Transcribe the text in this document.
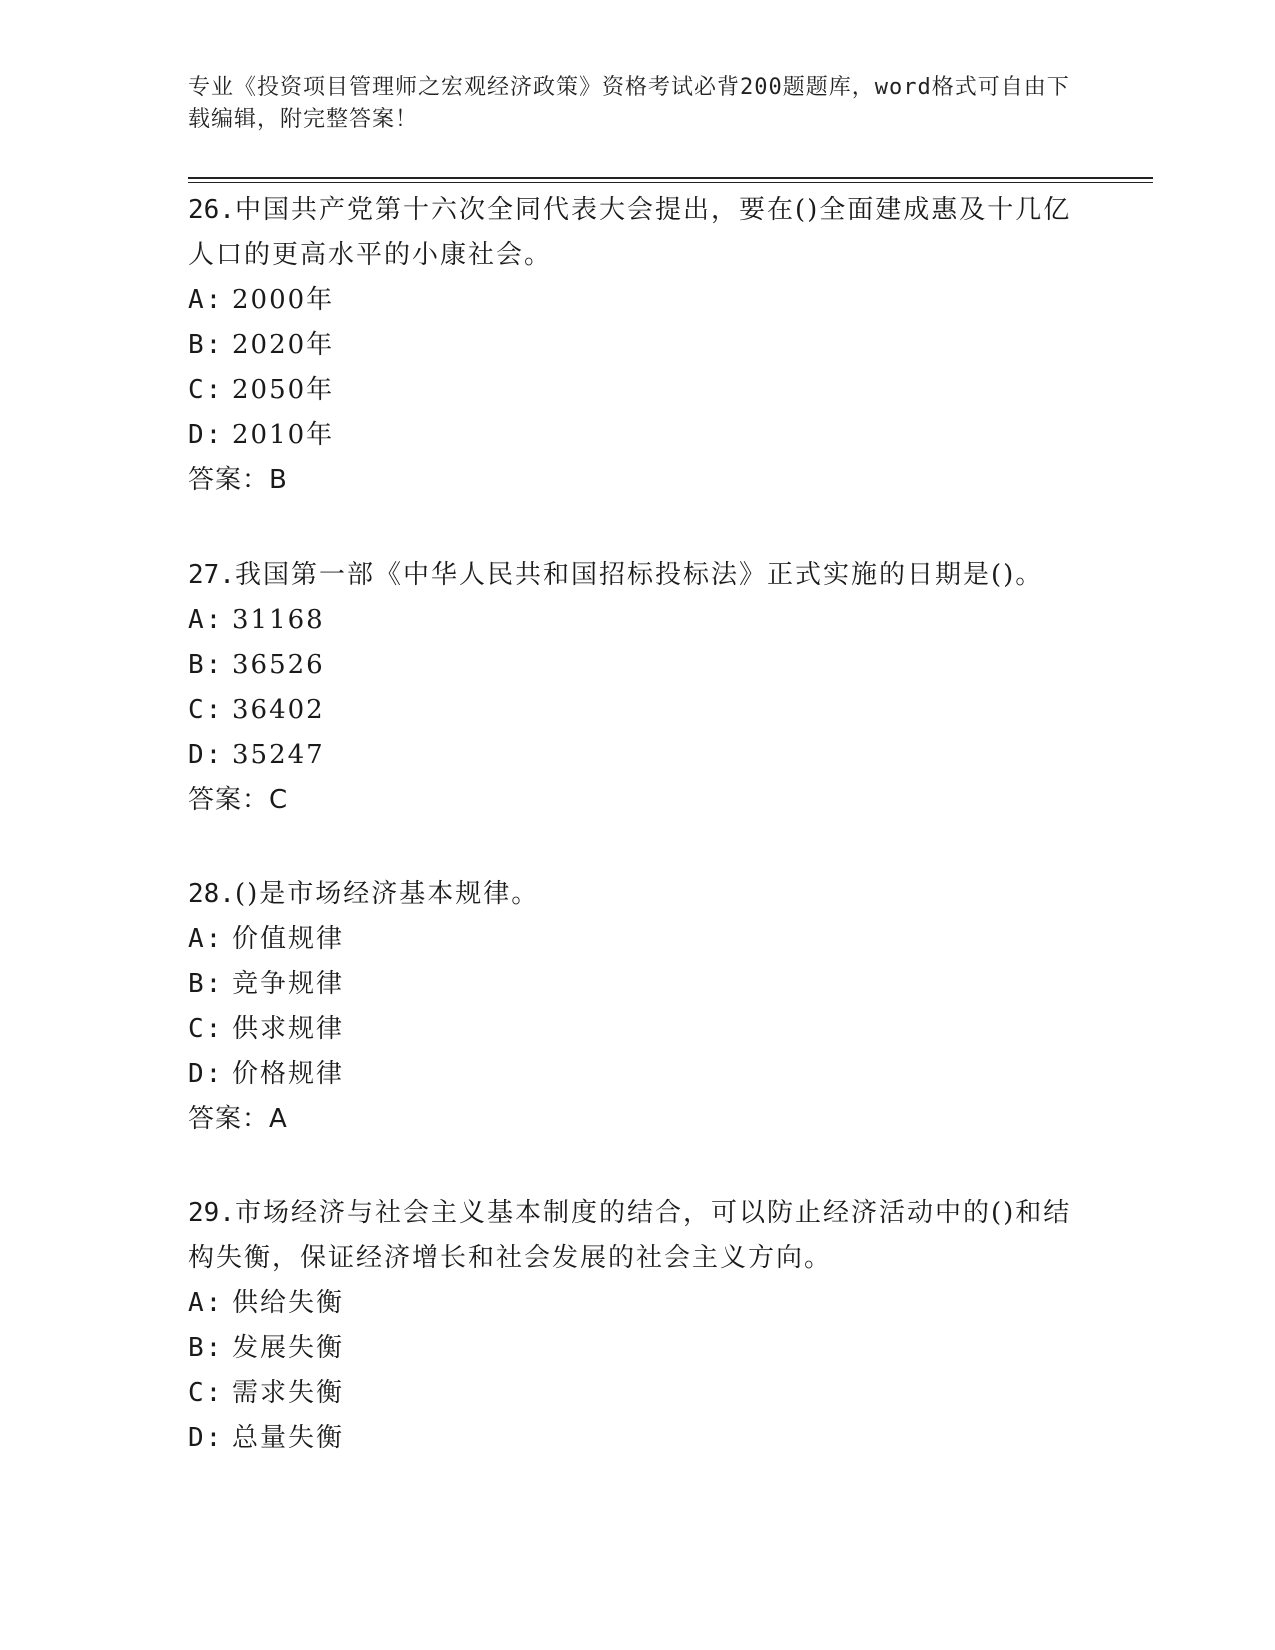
专业《投资项目管理师之宏观经济政策》资格考试必背200题题库，word格式可自由下载编辑，附完整答案！

26.中国共产党第十六次全同代表大会提出，要在()全面建成惠及十几亿人口的更高水平的小康社会。

A: 2000年
B: 2020年
C: 2050年
D: 2010年

答案：B

27.我国第一部《中华人民共和国招标投标法》正式实施的日期是()。

A: 31168
B: 36526
C: 36402
D: 35247

答案：C

28.()是市场经济基本规律。

A: 价值规律
B: 竞争规律
C: 供求规律
D: 价格规律

答案：A

29.市场经济与社会主义基本制度的结合，可以防止经济活动中的()和结构失衡，保证经济增长和社会发展的社会主义方向。

A: 供给失衡
B: 发展失衡
C: 需求失衡
D: 总量失衡
